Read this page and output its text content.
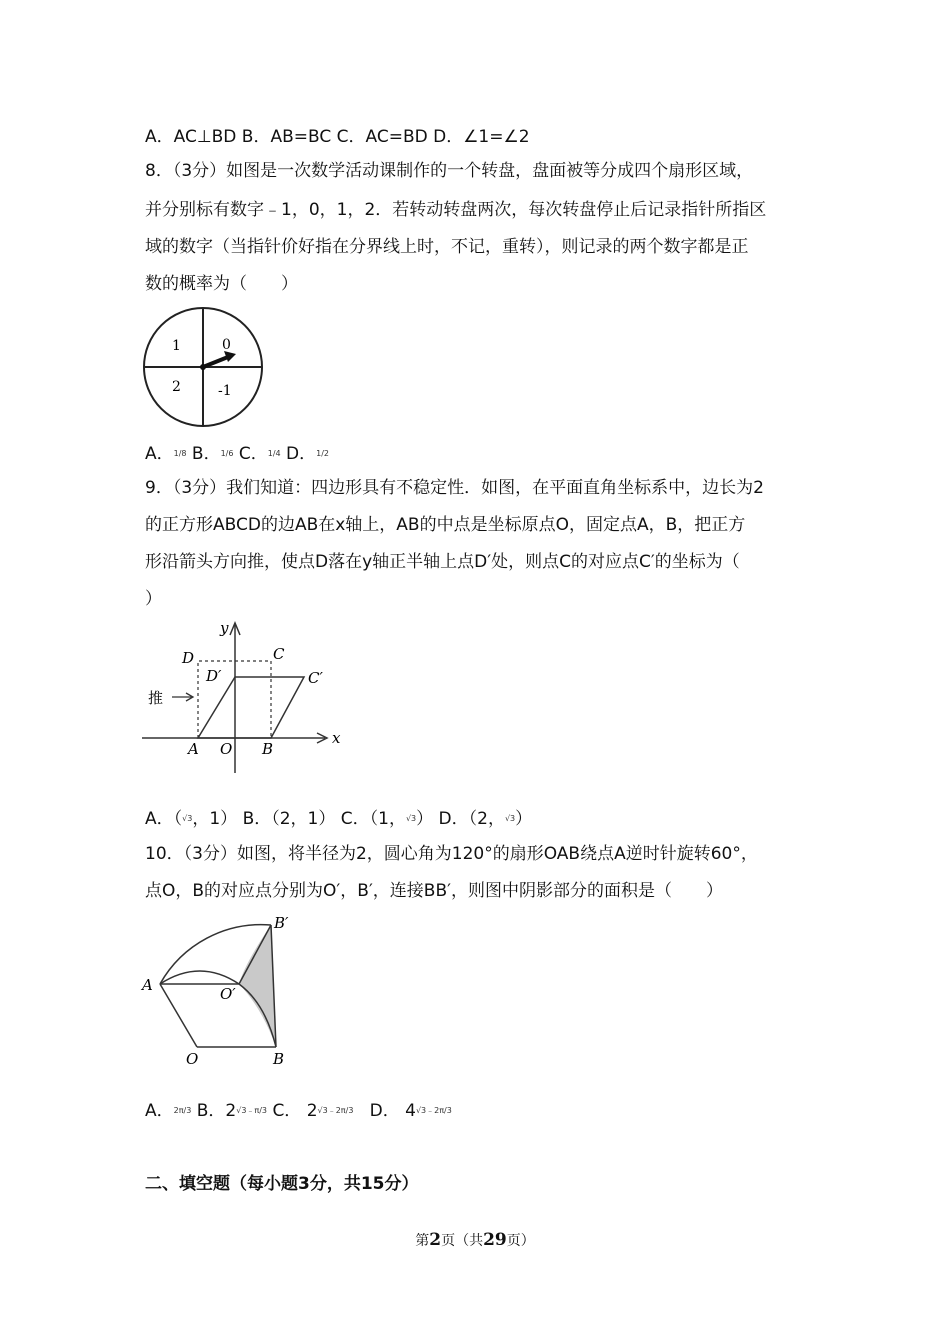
A．AC⊥BD B．AB=BC C．AC=BD D．∠1=∠2
8．（3分）如图是一次数学活动课制作的一个转盘，盘面被等分成四个扇形区域，
并分别标有数字﹣1，0，1，2．若转动转盘两次，每次转盘停止后记录指针所指区
域的数字（当指针价好指在分界线上时，不记，重转），则记录的两个数字都是正
数的概率为（　　）
1	0
2	-1
A．1/8 B．1/6 C．1/4 D．1/2
9．（3分）我们知道：四边形具有不稳定性．如图，在平面直角坐标系中，边长为2
的正方形ABCD的边AB在x轴上，AB的中点是坐标原点O，固定点A，B，把正方
形沿箭头方向推，使点D落在y轴正半轴上点D′处，则点C的对应点C′的坐标为（
）
y
x
D	C
D′	C′
推
A O B
A．（√3，1） B．（2，1） C．（1，√3） D．（2，√3）
10．（3分）如图，将半径为2，圆心角为120°的扇形OAB绕点A逆时针旋转60°，
点O，B的对应点分别为O′，B′，连接BB′，则图中阴影部分的面积是（　　）
B′
A	O′
O	B
A．2π/3 B．2√3﹣π/3 C． 2√3﹣2π/3 D． 4√3﹣2π/3
二、填空题（每小题3分，共15分）
第2页（共29页）
